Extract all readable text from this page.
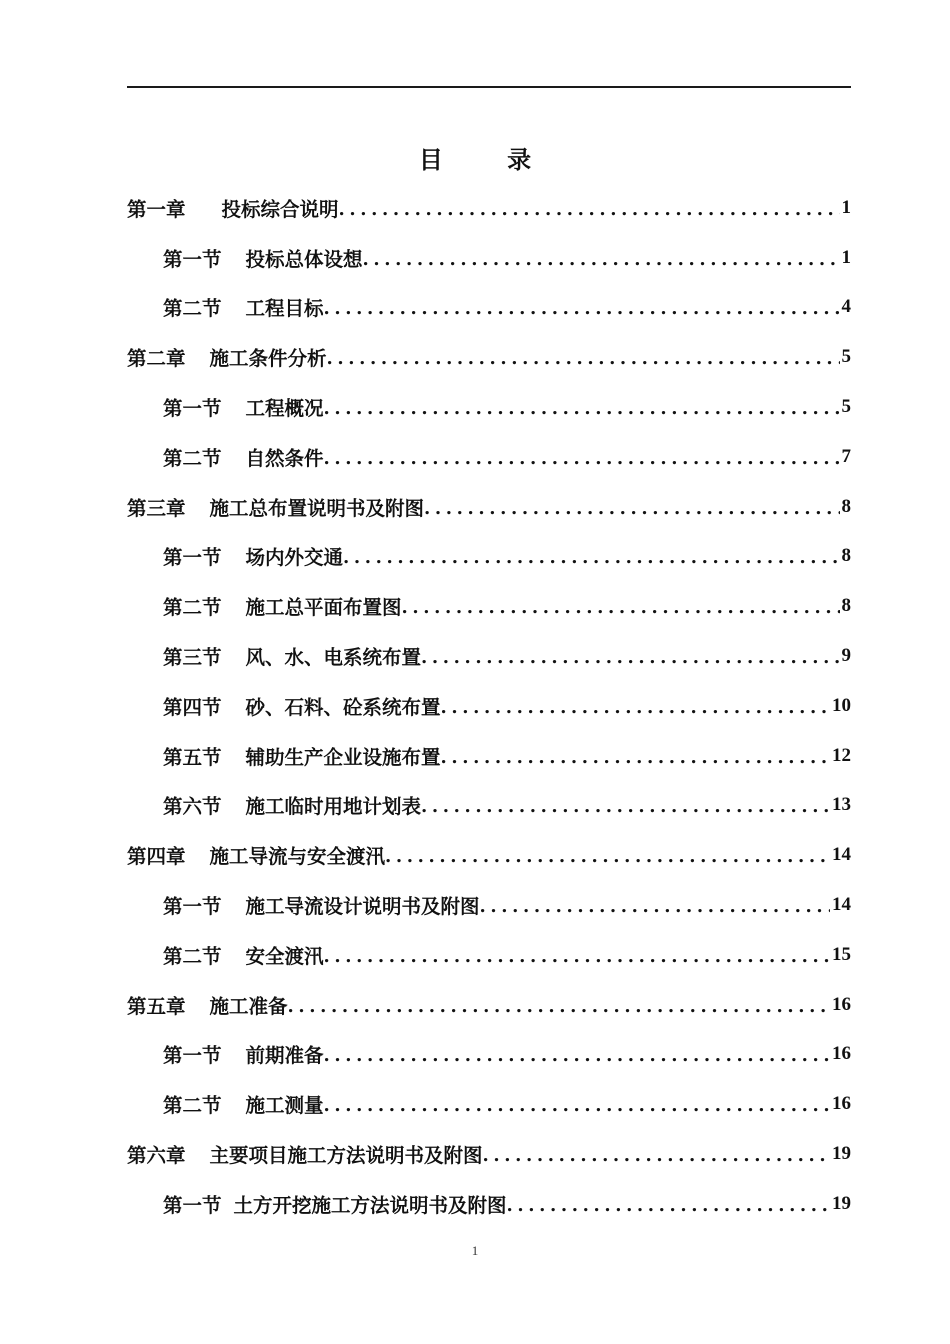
目 录
第一章 投标综合说明 .....	1
第一节 投标总体设想 .....	1
第二节 工程目标 .....	4
第二章 施工条件分析 .....	5
第一节 工程概况 .....	5
第二节 自然条件 .....	7
第三章 施工总布置说明书及附图 .....	8
第一节 场内外交通 .....	8
第二节 施工总平面布置图 .....	8
第三节 风、水、电系统布置 .....	9
第四节 砂、石料、砼系统布置 .....	10
第五节 辅助生产企业设施布置 .....	12
第六节 施工临时用地计划表 .....	13
第四章 施工导流与安全渡汛 .....	14
第一节 施工导流设计说明书及附图 .....	14
第二节 安全渡汛 .....	15
第五章 施工准备 .....	16
第一节 前期准备 .....	16
第二节 施工测量 .....	16
第六章 主要项目施工方法说明书及附图 .....	19
第一节 土方开挖施工方法说明书及附图 .....	19
1
